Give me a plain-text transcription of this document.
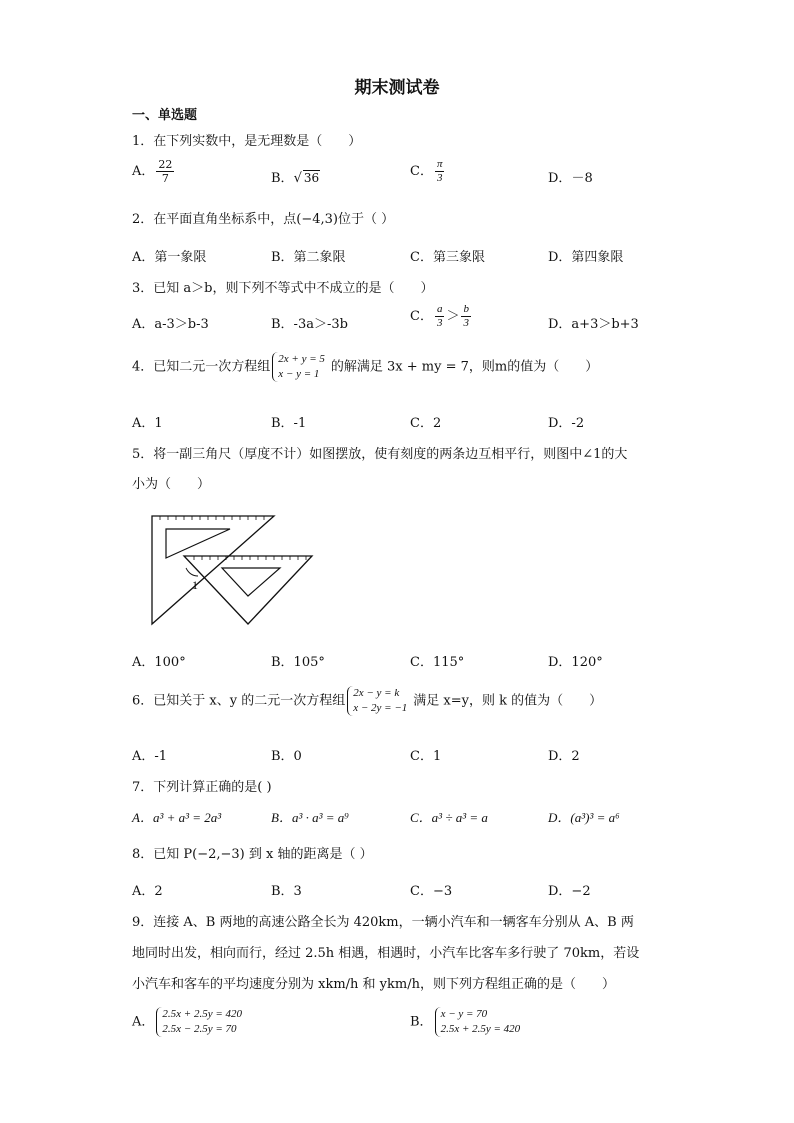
期末测试卷
一、单选题
1．在下列实数中，是无理数是（　　）
A． $\frac{22}{7}$	B．√ 36	C． $\frac{\pi}{3}$	D．－8
2．在平面直角坐标系中，点(−4,3)位于（ ）
A．第一象限	B．第二象限	C．第三象限	D．第四象限
3．已知 a＞b，则下列不等式中不成立的是（　　）
A．a-3＞b-3	B．-3a＞-3b
C． $\frac{a}{3} > \frac{b}{3}$	D．a+3＞b+3
4．已知二元一次方程组
2x + y = 5
x − y = 1 的解满足 3x + my = 7，则m的值为（　　）
A．1	B．-1	C．2	D．-2
5．将一副三角尺（厚度不计）如图摆放，使有刻度的两条边互相平行，则图中∠1的大
小为（　　）
1
A．100°	B．105°	C．115°	D．120°
6．已知关于 x、y 的二元一次方程组
2x − y = k
x − 2y = −1 满足 x=y，则 k 的值为（　　）
A．-1	B．0	C．1	D．2
7．下列计算正确的是( )
A．a³ + a³ = 2a³	B．a³ · a³ = a⁹	C．a³ ÷ a³ = a	D．(a³)³ = a⁶
8．已知 P(−2,−3) 到 x 轴的距离是（ ）
A．2	B．3	C．−3	D．−2
9．连接 A、B 两地的高速公路全长为 420km，一辆小汽车和一辆客车分别从 A、B 两
地同时出发，相向而行，经过 2.5h 相遇，相遇时，小汽车比客车多行驶了 70km，若设
小汽车和客车的平均速度分别为 xkm/h 和 ykm/h，则下列方程组正确的是（　　）
A．
2.5x + 2.5y = 420
2.5x − 2.5y = 70	B．
x − y = 70
2.5x + 2.5y = 420
